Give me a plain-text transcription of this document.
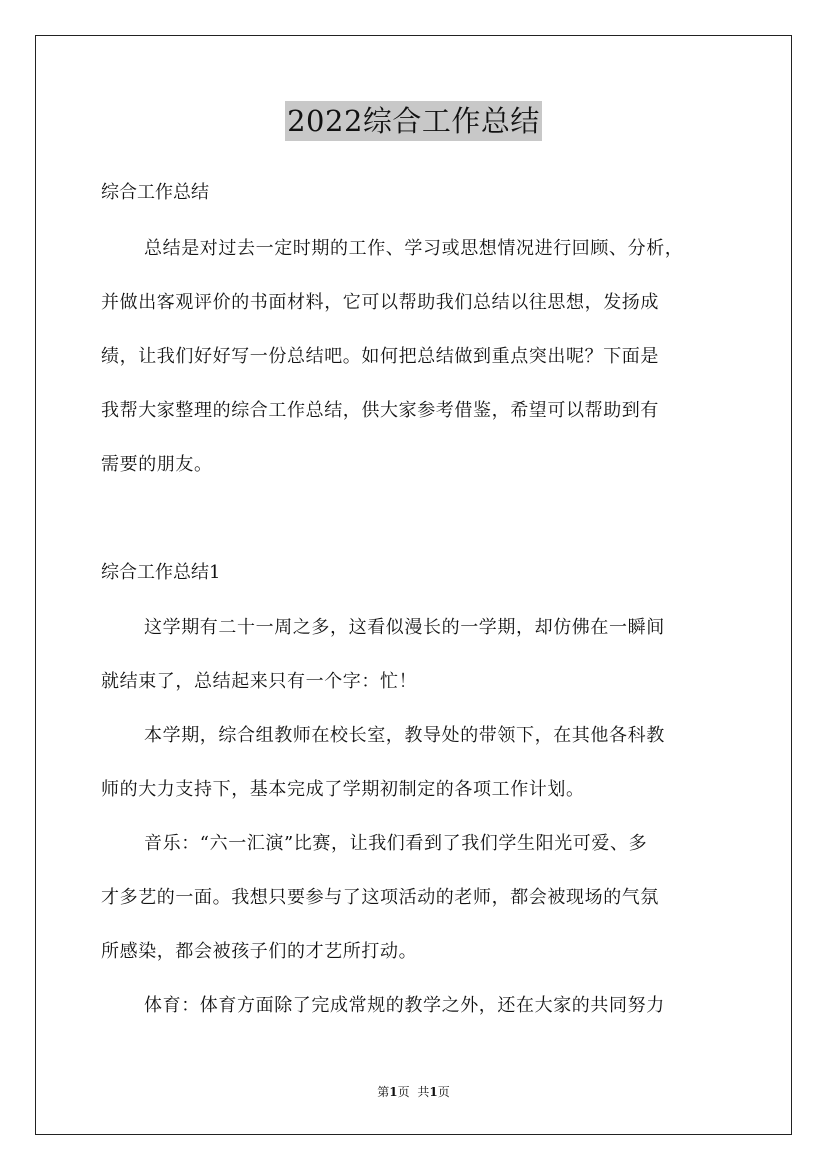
2022综合工作总结
综合工作总结
总结是对过去一定时期的工作、学习或思想情况进行回顾、分析，
并做出客观评价的书面材料，它可以帮助我们总结以往思想，发扬成
绩，让我们好好写一份总结吧。如何把总结做到重点突出呢？下面是
我帮大家整理的综合工作总结，供大家参考借鉴，希望可以帮助到有
需要的朋友。
综合工作总结1
这学期有二十一周之多，这看似漫长的一学期，却仿佛在一瞬间
就结束了，总结起来只有一个字：忙！
本学期，综合组教师在校长室，教导处的带领下，在其他各科教
师的大力支持下，基本完成了学期初制定的各项工作计划。
音乐：“六一汇演”比赛，让我们看到了我们学生阳光可爱、多
才多艺的一面。我想只要参与了这项活动的老师，都会被现场的气氛
所感染，都会被孩子们的才艺所打动。
体育：体育方面除了完成常规的教学之外，还在大家的共同努力
第1页 共1页
